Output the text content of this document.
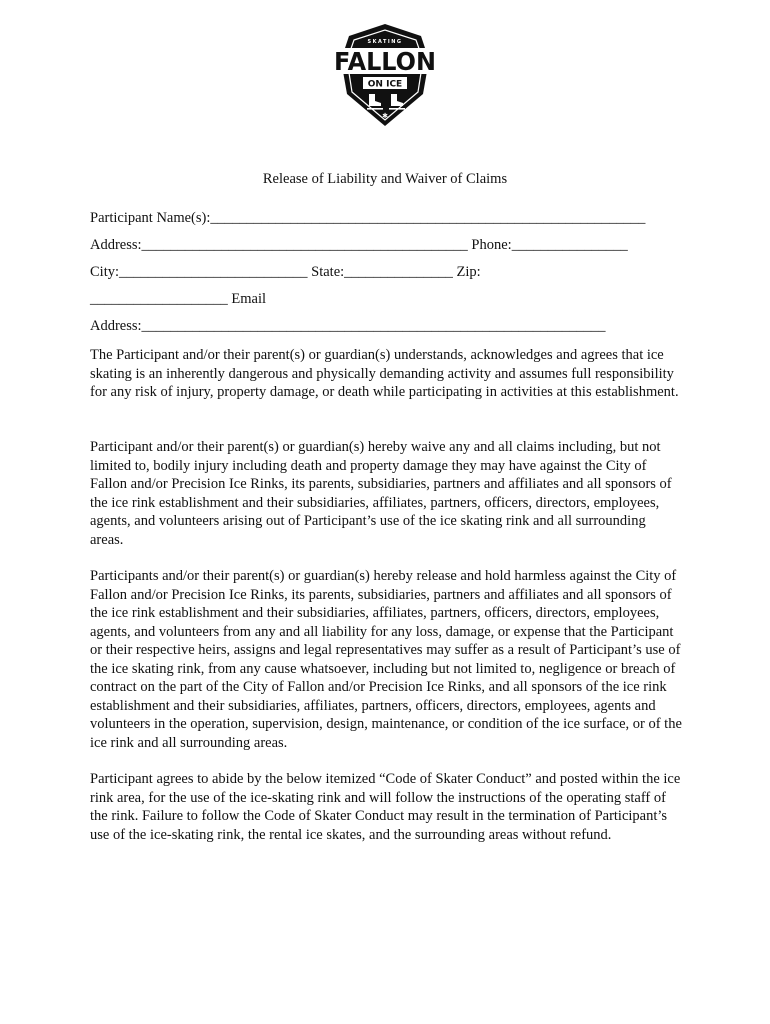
SKATING
FALLON
ON ICE
✱
Release of Liability and Waiver of Claims
Participant Name(s):____________________________________________________________
Address:_____________________________________________ Phone:________________
City:__________________________ State:_______________ Zip:
___________________ Email
Address:________________________________________________________________

The Participant and/or their parent(s) or guardian(s) understands, acknowledges and agrees that ice skating is an inherently dangerous and physically demanding activity and assumes full responsibility for any risk of injury, property damage, or death while participating in activities at this establishment.

Participant and/or their parent(s) or guardian(s) hereby waive any and all claims including, but not limited to, bodily injury including death and property damage they may have against the City of Fallon and/or Precision Ice Rinks, its parents, subsidiaries, partners and affiliates and all sponsors of the ice rink establishment and their subsidiaries, affiliates, partners, officers, directors, employees, agents, and volunteers arising out of Participant’s use of the ice skating rink and all surrounding areas.

Participants and/or their parent(s) or guardian(s) hereby release and hold harmless against the City of Fallon and/or Precision Ice Rinks, its parents, subsidiaries, partners and affiliates and all sponsors of the ice rink establishment and their subsidiaries, affiliates, partners, officers, directors, employees, agents, and volunteers from any and all liability for any loss, damage, or expense that the Participant or their respective heirs, assigns and legal representatives may suffer as a result of Participant’s use of the ice skating rink, from any cause whatsoever, including but not limited to, negligence or breach of contract on the part of the City of Fallon and/or Precision Ice Rinks, and all sponsors of the ice rink establishment and their subsidiaries, affiliates, partners, officers, directors, employees, agents and volunteers in the operation, supervision, design, maintenance, or condition of the ice surface, or of the ice rink and all surrounding areas.

Participant agrees to abide by the below itemized “Code of Skater Conduct” and posted within the ice rink area, for the use of the ice-skating rink and will follow the instructions of the operating staff of the rink. Failure to follow the Code of Skater Conduct may result in the termination of Participant’s use of the ice-skating rink, the rental ice skates, and the surrounding areas without refund.
